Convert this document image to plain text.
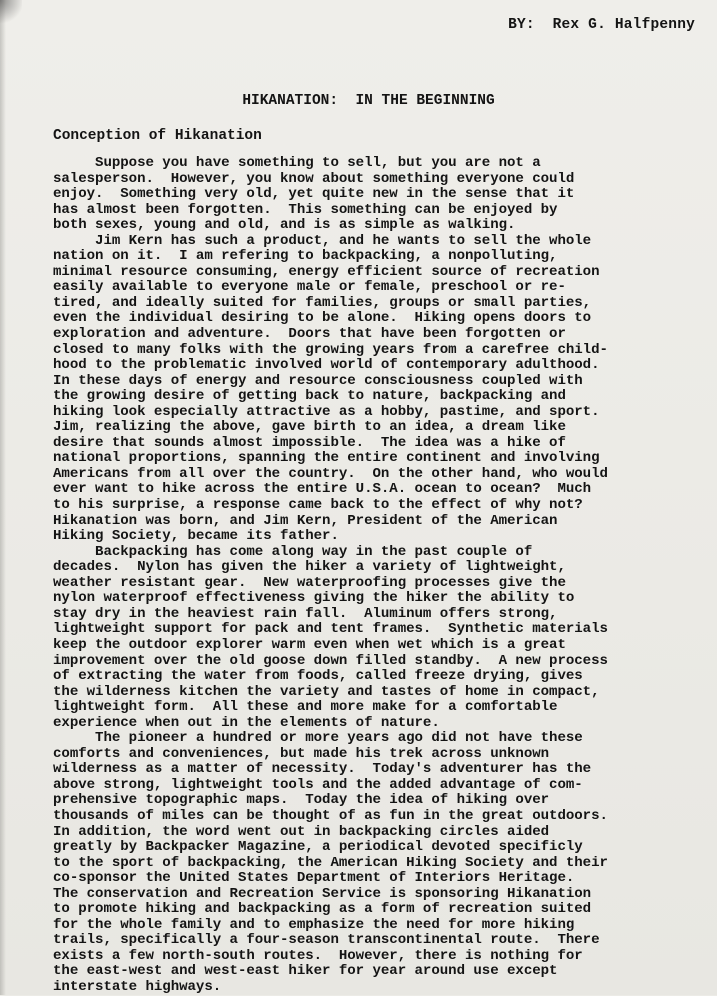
BY:  Rex G. Halfpenny
HIKANATION:  IN THE BEGINNING
Conception of Hikanation
Suppose you have something to sell, but you are not a
salesperson.  However, you know about something everyone could
enjoy.  Something very old, yet quite new in the sense that it
has almost been forgotten.  This something can be enjoyed by
both sexes, young and old, and is as simple as walking.
Jim Kern has such a product, and he wants to sell the whole
nation on it.  I am refering to backpacking, a nonpolluting,
minimal resource consuming, energy efficient source of recreation
easily available to everyone male or female, preschool or re-
tired, and ideally suited for families, groups or small parties,
even the individual desiring to be alone.  Hiking opens doors to
exploration and adventure.  Doors that have been forgotten or
closed to many folks with the growing years from a carefree child-
hood to the problematic involved world of contemporary adulthood.
In these days of energy and resource consciousness coupled with
the growing desire of getting back to nature, backpacking and
hiking look especially attractive as a hobby, pastime, and sport.
Jim, realizing the above, gave birth to an idea, a dream like
desire that sounds almost impossible.  The idea was a hike of
national proportions, spanning the entire continent and involving
Americans from all over the country.  On the other hand, who would
ever want to hike across the entire U.S.A. ocean to ocean?  Much
to his surprise, a response came back to the effect of why not?
Hikanation was born, and Jim Kern, President of the American
Hiking Society, became its father.
Backpacking has come along way in the past couple of
decades.  Nylon has given the hiker a variety of lightweight,
weather resistant gear.  New waterproofing processes give the
nylon waterproof effectiveness giving the hiker the ability to
stay dry in the heaviest rain fall.  Aluminum offers strong,
lightweight support for pack and tent frames.  Synthetic materials
keep the outdoor explorer warm even when wet which is a great
improvement over the old goose down filled standby.  A new process
of extracting the water from foods, called freeze drying, gives
the wilderness kitchen the variety and tastes of home in compact,
lightweight form.  All these and more make for a comfortable
experience when out in the elements of nature.
The pioneer a hundred or more years ago did not have these
comforts and conveniences, but made his trek across unknown
wilderness as a matter of necessity.  Today's adventurer has the
above strong, lightweight tools and the added advantage of com-
prehensive topographic maps.  Today the idea of hiking over
thousands of miles can be thought of as fun in the great outdoors.
In addition, the word went out in backpacking circles aided
greatly by Backpacker Magazine, a periodical devoted specificly
to the sport of backpacking, the American Hiking Society and their
co-sponsor the United States Department of Interiors Heritage.
The conservation and Recreation Service is sponsoring Hikanation
to promote hiking and backpacking as a form of recreation suited
for the whole family and to emphasize the need for more hiking
trails, specifically a four-season transcontinental route.  There
exists a few north-south routes.  However, there is nothing for
the east-west and west-east hiker for year around use except
interstate highways.
